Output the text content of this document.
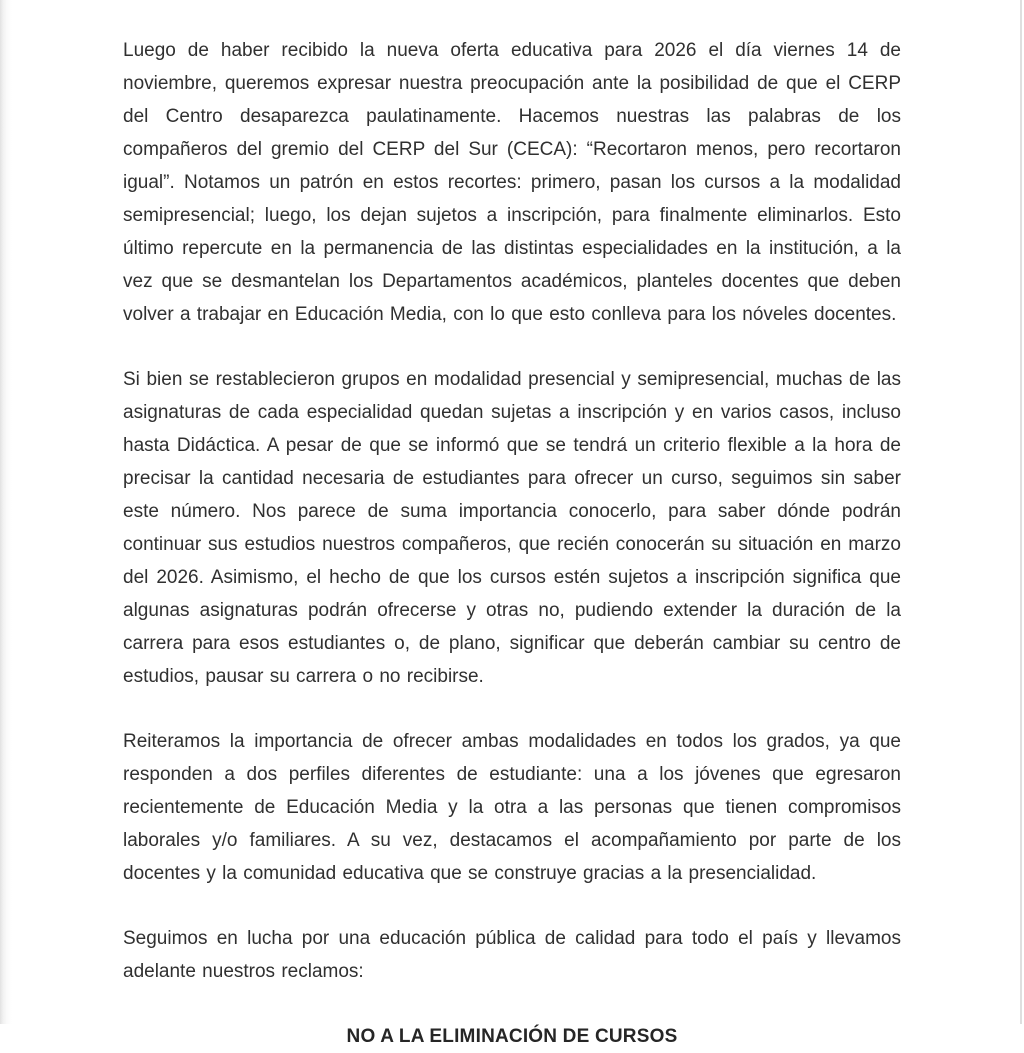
Luego de haber recibido la nueva oferta educativa para 2026 el día viernes 14 de noviembre, queremos expresar nuestra preocupación ante la posibilidad de que el CERP del Centro desaparezca paulatinamente. Hacemos nuestras las palabras de los compañeros del gremio del CERP del Sur (CECA): “Recortaron menos, pero recortaron igual”. Notamos un patrón en estos recortes: primero, pasan los cursos a la modalidad semipresencial; luego, los dejan sujetos a inscripción, para finalmente eliminarlos. Esto último repercute en la permanencia de las distintas especialidades en la institución, a la vez que se desmantelan los Departamentos académicos, planteles docentes que deben volver a trabajar en Educación Media, con lo que esto conlleva para los nóveles docentes.

Si bien se restablecieron grupos en modalidad presencial y semipresencial, muchas de las asignaturas de cada especialidad quedan sujetas a inscripción y en varios casos, incluso hasta Didáctica. A pesar de que se informó que se tendrá un criterio flexible a la hora de precisar la cantidad necesaria de estudiantes para ofrecer un curso, seguimos sin saber este número. Nos parece de suma importancia conocerlo, para saber dónde podrán continuar sus estudios nuestros compañeros, que recién conocerán su situación en marzo del 2026. Asimismo, el hecho de que los cursos estén sujetos a inscripción significa que algunas asignaturas podrán ofrecerse y otras no, pudiendo extender la duración de la carrera para esos estudiantes o, de plano, significar que deberán cambiar su centro de estudios, pausar su carrera o no recibirse.

Reiteramos la importancia de ofrecer ambas modalidades en todos los grados, ya que responden a dos perfiles diferentes de estudiante: una a los jóvenes que egresaron recientemente de Educación Media y la otra a las personas que tienen compromisos laborales y/o familiares. A su vez, destacamos el acompañamiento por parte de los docentes y la comunidad educativa que se construye gracias a la presencialidad.

Seguimos en lucha por una educación pública de calidad para todo el país y llevamos adelante nuestros reclamos:

NO A LA ELIMINACIÓN DE CURSOS
